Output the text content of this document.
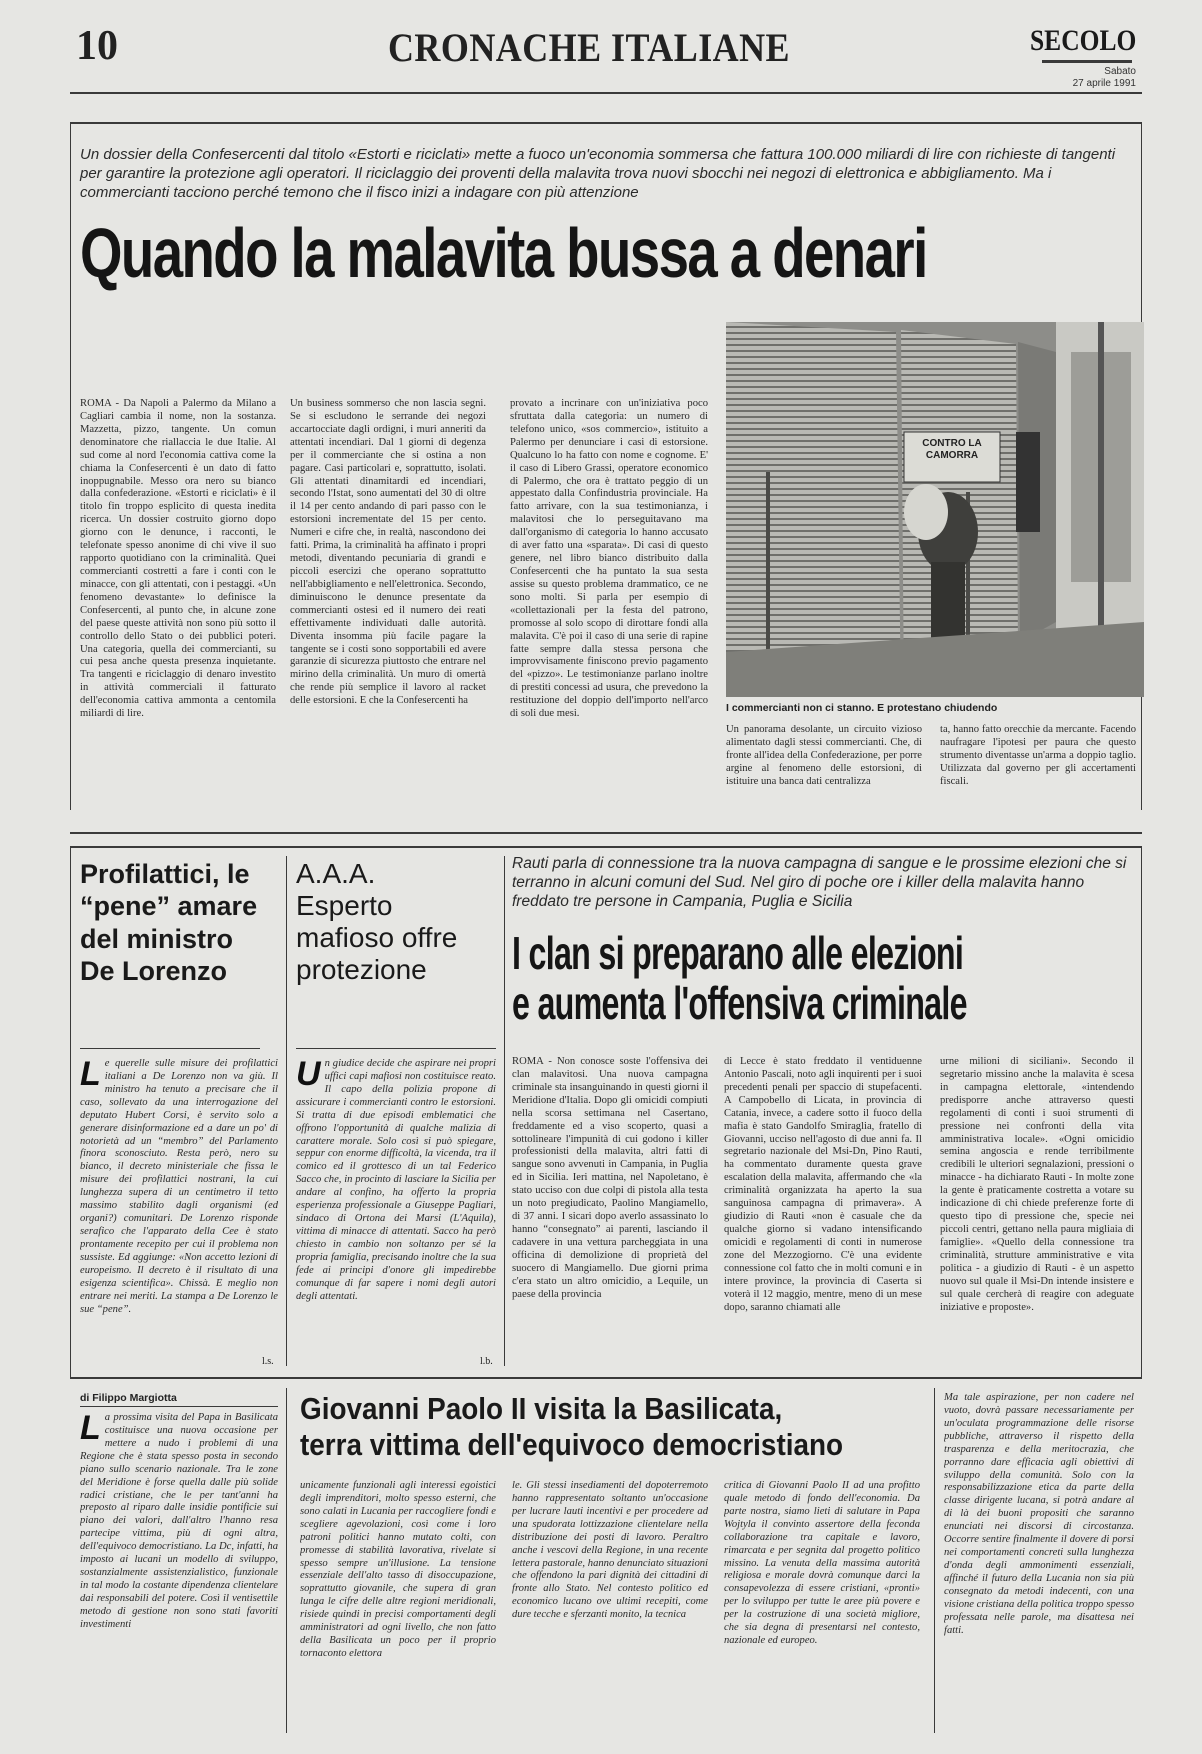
10	CRONACHE ITALIANE	SECOLO
Sabato
27 aprile 1991
Un dossier della Confesercenti dal titolo «Estorti e riciclati» mette a fuoco un'economia sommersa che fattura 100.000 miliardi di lire con richieste di tangenti per garantire la protezione agli operatori. Il riciclaggio dei proventi della malavita trova nuovi sbocchi nei negozi di elettronica e abbigliamento. Ma i commercianti tacciono perché temono che il fisco inizi a indagare con più attenzione
Quando la malavita bussa a denari
ROMA - Da Napoli a Palermo da Milano a Cagliari cambia il nome, non la sostanza. Mazzetta, pizzo, tangente. Un comun denominatore che riallaccia le due Italie. Al sud come al nord l'economia cattiva come la chiama la Confesercenti è un dato di fatto inoppugnabile. Messo ora nero su bianco dalla confederazione. «Estorti e riciclati» è il titolo fin troppo esplicito di questa inedita ricerca. Un dossier costruito giorno dopo giorno con le denunce, i racconti, le telefonate spesso anonime di chi vive il suo rapporto quotidiano con la criminalità. Quei commercianti costretti a fare i conti con le minacce, con gli attentati, con i pestaggi. «Un fenomeno devastante» lo definisce la Confesercenti, al punto che, in alcune zone del paese queste attività non sono più sotto il controllo dello Stato o dei pubblici poteri. Una categoria, quella dei commercianti, su cui pesa anche questa presenza inquietante. Tra tangenti e riciclaggio di denaro investito in attività commerciali il fatturato dell'economia cattiva ammonta a centomila miliardi di lire.
Un business sommerso che non lascia segni. Se si escludono le serrande dei negozi accartocciate dagli ordigni, i muri anneriti da attentati incendiari. Dal 1 giorni di degenza per il commerciante che si ostina a non pagare. Casi particolari e, soprattutto, isolati. Gli attentati dinamitardi ed incendiari, secondo l'Istat, sono aumentati del 30 di oltre il 14 per cento andando di pari passo con le estorsioni incrementate del 15 per cento. Numeri e cifre che, in realtà, nascondono dei fatti. Prima, la criminalità ha affinato i propri metodi, diventando pecuniaria di grandi e piccoli esercizi che operano soprattutto nell'abbigliamento e nell'elettronica. Secondo, diminuiscono le denunce presentate da commercianti ostesi ed il numero dei reati effettivamente individuati dalle autorità. Diventa insomma più facile pagare la tangente se i costi sono sopportabili ed avere garanzie di sicurezza piuttosto che entrare nel mirino della criminalità. Un muro di omertà che rende più semplice il lavoro al racket delle estorsioni. E che la Confesercenti ha
provato a incrinare con un'iniziativa poco sfruttata dalla categoria: un numero di telefono unico, «sos commercio», istituito a Palermo per denunciare i casi di estorsione. Qualcuno lo ha fatto con nome e cognome. E' il caso di Libero Grassi, operatore economico di Palermo, che ora è trattato peggio di un appestato dalla Confindustria provinciale. Ha fatto arrivare, con la sua testimonianza, i malavitosi che lo perseguitavano ma dall'organismo di categoria lo hanno accusato di aver fatto una «sparata». Di casi di questo genere, nel libro bianco distribuito dalla Confesercenti che ha puntato la sua sesta assise su questo problema drammatico, ce ne sono molti. Si parla per esempio di «collettazionali per la festa del patrono, promosse al solo scopo di dirottare fondi alla malavita. C'è poi il caso di una serie di rapine fatte sempre dalla stessa persona che improvvisamente finiscono previo pagamento del «pizzo». Le testimonianze parlano inoltre di prestiti concessi ad usura, che prevedono la restituzione del doppio dell'importo nell'arco di soli due mesi.
CONTRO LA CAMORRA
I commercianti non ci stanno. E protestano chiudendo
Un panorama desolante, un circuito vizioso alimentato dagli stessi commercianti. Che, di fronte all'idea della Confederazione, per porre argine al fenomeno delle estorsioni, di istituire una banca dati centralizza
ta, hanno fatto orecchie da mercante. Facendo naufragare l'ipotesi per paura che questo strumento diventasse un'arma a doppio taglio. Utilizzata dal governo per gli accertamenti fiscali.
Profilattici, le “pene” amare del ministro De Lorenzo
Le querelle sulle misure dei profilattici italiani a De Lorenzo non va giù. Il ministro ha tenuto a precisare che il caso, sollevato da una interrogazione del deputato Hubert Corsi, è servito solo a generare disinformazione ed a dare un po' di notorietà ad un “membro” del Parlamento finora sconosciuto. Resta però, nero su bianco, il decreto ministeriale che fissa le misure dei profilattici nostrani, la cui lunghezza supera di un centimetro il tetto massimo stabilito dagli organismi (ed organi?) comunitari. De Lorenzo risponde serafico che l'apparato della Cee è stato prontamente recepito per cui il problema non sussiste. Ed aggiunge: «Non accetto lezioni di europeismo. Il decreto è il risultato di una esigenza scientifica». Chissà. E meglio non entrare nei meriti. La stampa a De Lorenzo le sue “pene”.
l.s.
A.A.A. Esperto mafioso offre protezione
Un giudice decide che aspirare nei propri uffici capi mafiosi non costituisce reato. Il capo della polizia propone di assicurare i commercianti contro le estorsioni. Si tratta di due episodi emblematici che offrono l'opportunità di qualche malizia di carattere morale. Solo così si può spiegare, seppur con enorme difficoltà, la vicenda, tra il comico ed il grottesco di un tal Federico Sacco che, in procinto di lasciare la Sicilia per andare al confino, ha offerto la propria esperienza professionale a Giuseppe Pagliari, sindaco di Ortona dei Marsi (L'Aquila), vittima di minacce di attentati. Sacco ha però chiesto in cambio non soltanzo per sé la propria famiglia, precisando inoltre che la sua fede ai principi d'onore gli impedirebbe comunque di far sapere i nomi degli autori degli attentati.
l.b.
Rauti parla di connessione tra la nuova campagna di sangue e le prossime elezioni che si terranno in alcuni comuni del Sud. Nel giro di poche ore i killer della malavita hanno freddato tre persone in Campania, Puglia e Sicilia
I clan si preparano alle elezioni
e aumenta l'offensiva criminale
ROMA - Non conosce soste l'offensiva dei clan malavitosi. Una nuova campagna criminale sta insanguinando in questi giorni il Meridione d'Italia. Dopo gli omicidi compiuti nella scorsa settimana nel Casertano, freddamente ed a viso scoperto, quasi a sottolineare l'impunità di cui godono i killer professionisti della malavita, altri fatti di sangue sono avvenuti in Campania, in Puglia ed in Sicilia. Ieri mattina, nel Napoletano, è stato ucciso con due colpi di pistola alla testa un noto pregiudicato, Paolino Mangiamello, di 37 anni. I sicari dopo averlo assassinato lo hanno “consegnato” ai parenti, lasciando il cadavere in una vettura parcheggiata in una officina di demolizione di proprietà del suocero di Mangiamello. Due giorni prima c'era stato un altro omicidio, a Lequile, un paese della provincia
di Lecce è stato freddato il ventiduenne Antonio Pascali, noto agli inquirenti per i suoi precedenti penali per spaccio di stupefacenti. A Campobello di Licata, in provincia di Catania, invece, a cadere sotto il fuoco della mafia è stato Gandolfo Smiraglia, fratello di Giovanni, ucciso nell'agosto di due anni fa. Il segretario nazionale del Msi-Dn, Pino Rauti, ha commentato duramente questa grave escalation della malavita, affermando che «la criminalità organizzata ha aperto la sua sanguinosa campagna di primavera». A giudizio di Rauti «non è casuale che da qualche giorno si vadano intensificando omicidi e regolamenti di conti in numerose zone del Mezzogiorno. C'è una evidente connessione col fatto che in molti comuni e in intere province, la provincia di Caserta si voterà il 12 maggio, mentre, meno di un mese dopo, saranno chiamati alle
urne milioni di siciliani». Secondo il segretario missino anche la malavita è scesa in campagna elettorale, «intendendo predisporre anche attraverso questi regolamenti di conti i suoi strumenti di pressione nei confronti della vita amministrativa locale». «Ogni omicidio semina angoscia e rende terribilmente credibili le ulteriori segnalazioni, pressioni o minacce - ha dichiarato Rauti - In molte zone la gente è praticamente costretta a votare su indicazione di chi chiede preferenze forte di questo tipo di pressione che, specie nei piccoli centri, gettano nella paura migliaia di famiglie». «Quello della connessione tra criminalità, strutture amministrative e vita politica - a giudizio di Rauti - è un aspetto nuovo sul quale il Msi-Dn intende insistere e sul quale cercherà di reagire con adeguate iniziative e proposte».
di Filippo Margiotta
La prossima visita del Papa in Basilicata costituisce una nuova occasione per mettere a nudo i problemi di una Regione che è stata spesso posta in secondo piano sullo scenario nazionale. Tra le zone del Meridione è forse quella dalle più solide radici cristiane, che le per tant'anni ha preposto al riparo dalle insidie pontificie sui piano dei valori, dall'altro l'hanno resa partecipe vittima, più di ogni altra, dell'equivoco democristiano. La Dc, infatti, ha imposto ai lucani un modello di sviluppo, sostanzialmente assistenzialistico, funzionale in tal modo la costante dipendenza clientelare dai responsabili del potere. Così il ventisettile metodo di gestione non sono stati favoriti investimenti
Giovanni Paolo II visita la Basilicata,
terra vittima dell'equivoco democristiano
unicamente funzionali agli interessi egoistici degli imprenditori, molto spesso esterni, che sono calati in Lucania per raccogliere fondi e scegliere agevolazioni, così come i loro patroni politici hanno mutato colti, con promesse di stabilità lavorativa, rivelate si spesso sempre un'illusione. La tensione essenziale dell'alto tasso di disoccupazione, soprattutto giovanile, che supera di gran lunga le cifre delle altre regioni meridionali, risiede quindi in precisi comportamenti degli amministratori ad ogni livello, che non fatto della Basilicata un poco per il proprio tornaconto elettora
le. Gli stessi insediamenti del dopoterremoto hanno rappresentato soltanto un'occasione per lucrare lauti incentivi e per procedere ad una spudorata lottizzazione clientelare nella distribuzione dei posti di lavoro. Peraltro anche i vescovi della Regione, in una recente lettera pastorale, hanno denunciato situazioni che offendono la pari dignità dei cittadini di fronte allo Stato. Nel contesto politico ed economico lucano ove ultimi recepiti, come dure tecche e sferzanti monito, la tecnica
critica di Giovanni Paolo II ad una profitto quale metodo di fondo dell'economia. Da parte nostra, siamo lieti di salutare in Papa Wojtyla il convinto assertore della feconda collaborazione tra capitale e lavoro, rimarcata e per segnita dal progetto politico missino. La venuta della massima autorità religiosa e morale dovrà comunque darci la consapevolezza di essere cristiani, «pronti» per lo sviluppo per tutte le aree più povere e per la costruzione di una società migliore, che sia degna di presentarsi nel contesto, nazionale ed europeo.
Ma tale aspirazione, per non cadere nel vuoto, dovrà passare necessariamente per un'oculata programmazione delle risorse pubbliche, attraverso il rispetto della trasparenza e della meritocrazia, che porranno dare efficacia agli obiettivi di sviluppo della comunità. Solo con la responsabilizzazione etica da parte della classe dirigente lucana, si potrà andare al di là dei buoni propositi che saranno enunciati nei discorsi di circostanza. Occorre sentire finalmente il dovere di porsi nei comportamenti concreti sulla lunghezza d'onda degli ammonimenti essenziali, affinché il futuro della Lucania non sia più consegnato da metodi indecenti, con una visione cristiana della politica troppo spesso professata nelle parole, ma disattesa nei fatti.
